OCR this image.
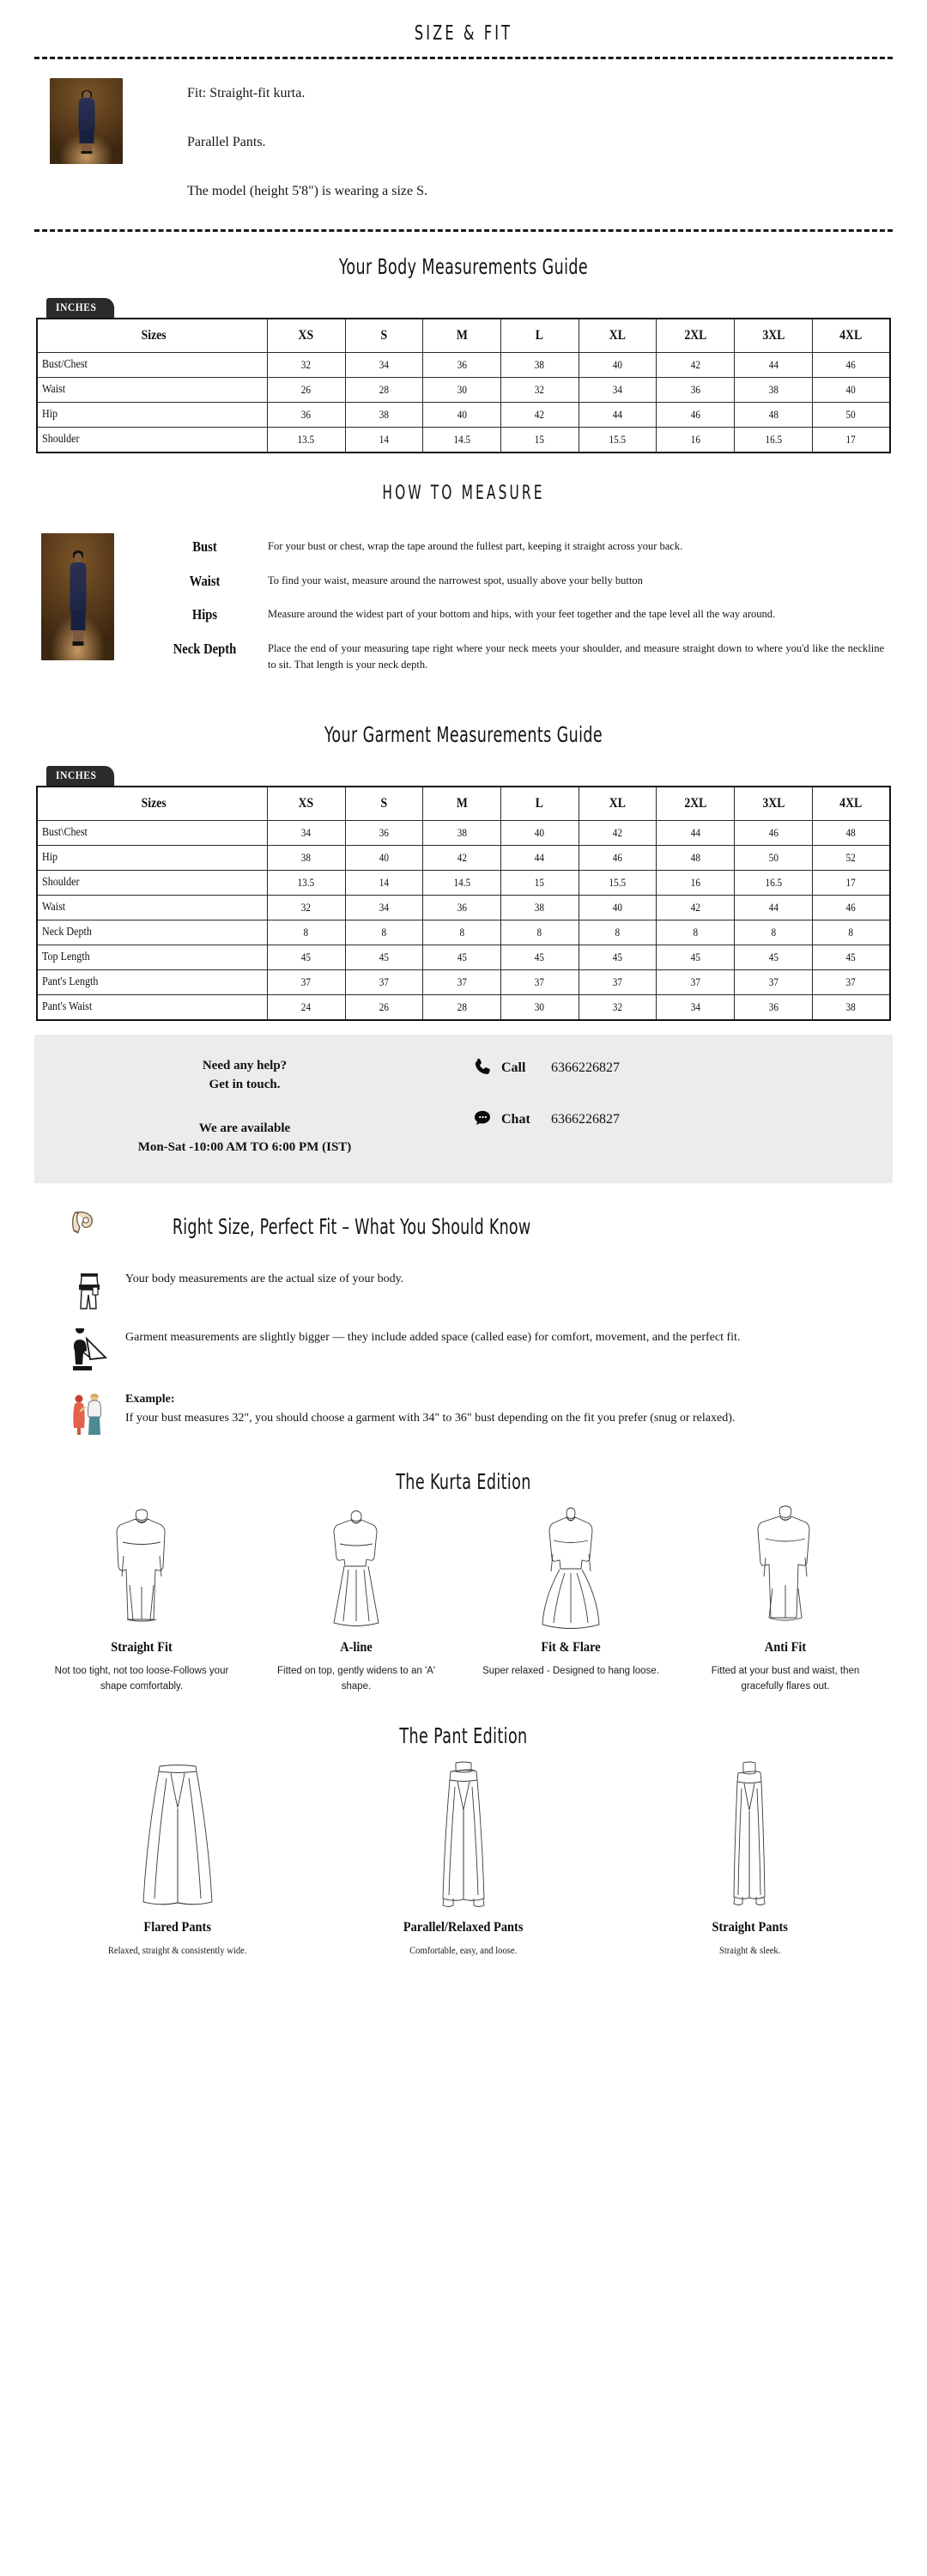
SIZE & FIT

Fit: Straight-fit kurta.

Parallel Pants.

The model (height 5'8") is wearing a size S.

Your Body Measurements Guide
INCHES
Sizes	XS	S	M	L	XL	2XL	3XL	4XL
Bust/Chest	32	34	36	38	40	42	44	46
Waist	26	28	30	32	34	36	38	40
Hip	36	38	40	42	44	46	48	50
Shoulder	13.5	14	14.5	15	15.5	16	16.5	17
HOW TO MEASURE
Bust	For your bust or chest, wrap the tape around the fullest part, keeping it straight across your back.
Waist	To find your waist, measure around the narrowest spot, usually above your belly button
Hips	Measure around the widest part of your bottom and hips, with your feet together and the tape level all the way around.
Neck Depth	Place the end of your measuring tape right where your neck meets your shoulder, and measure straight down to where you'd like the neckline to sit. That length is your neck depth.
Your Garment Measurements Guide
INCHES
Sizes	XS	S	M	L	XL	2XL	3XL	4XL
Bust\Chest	34	36	38	40	42	44	46	48
Hip	38	40	42	44	46	48	50	52
Shoulder	13.5	14	14.5	15	15.5	16	16.5	17
Waist	32	34	36	38	40	42	44	46
Neck Depth	8	8	8	8	8	8	8	8
Top Length	45	45	45	45	45	45	45	45
Pant's Length	37	37	37	37	37	37	37	37
Pant's Waist	24	26	28	30	32	34	36	38
Need any help?
Get in touch.
We are available
Mon-Sat -10:00 AM TO 6:00 PM (IST)
Call	6366226827
Chat	6366226827
Right Size, Perfect Fit – What You Should Know
Your body measurements are the actual size of your body.
Garment measurements are slightly bigger — they include added space (called ease) for comfort, movement, and the perfect fit.
Example:
If your bust measures 32", you should choose a garment with 34" to 36" bust depending on the fit you prefer (snug or relaxed).
The Kurta Edition
Straight Fit
Not too tight, not too loose-Follows your shape comfortably.
A-line
Fitted on top, gently widens to an 'A' shape.
Fit & Flare
Super relaxed - Designed to hang loose.
Anti Fit
Fitted at your bust and waist, then gracefully flares out.
The Pant Edition
Flared Pants
Relaxed, straight & consistently wide.
Parallel/Relaxed Pants
Comfortable, easy, and loose.
Straight Pants
Straight & sleek.
